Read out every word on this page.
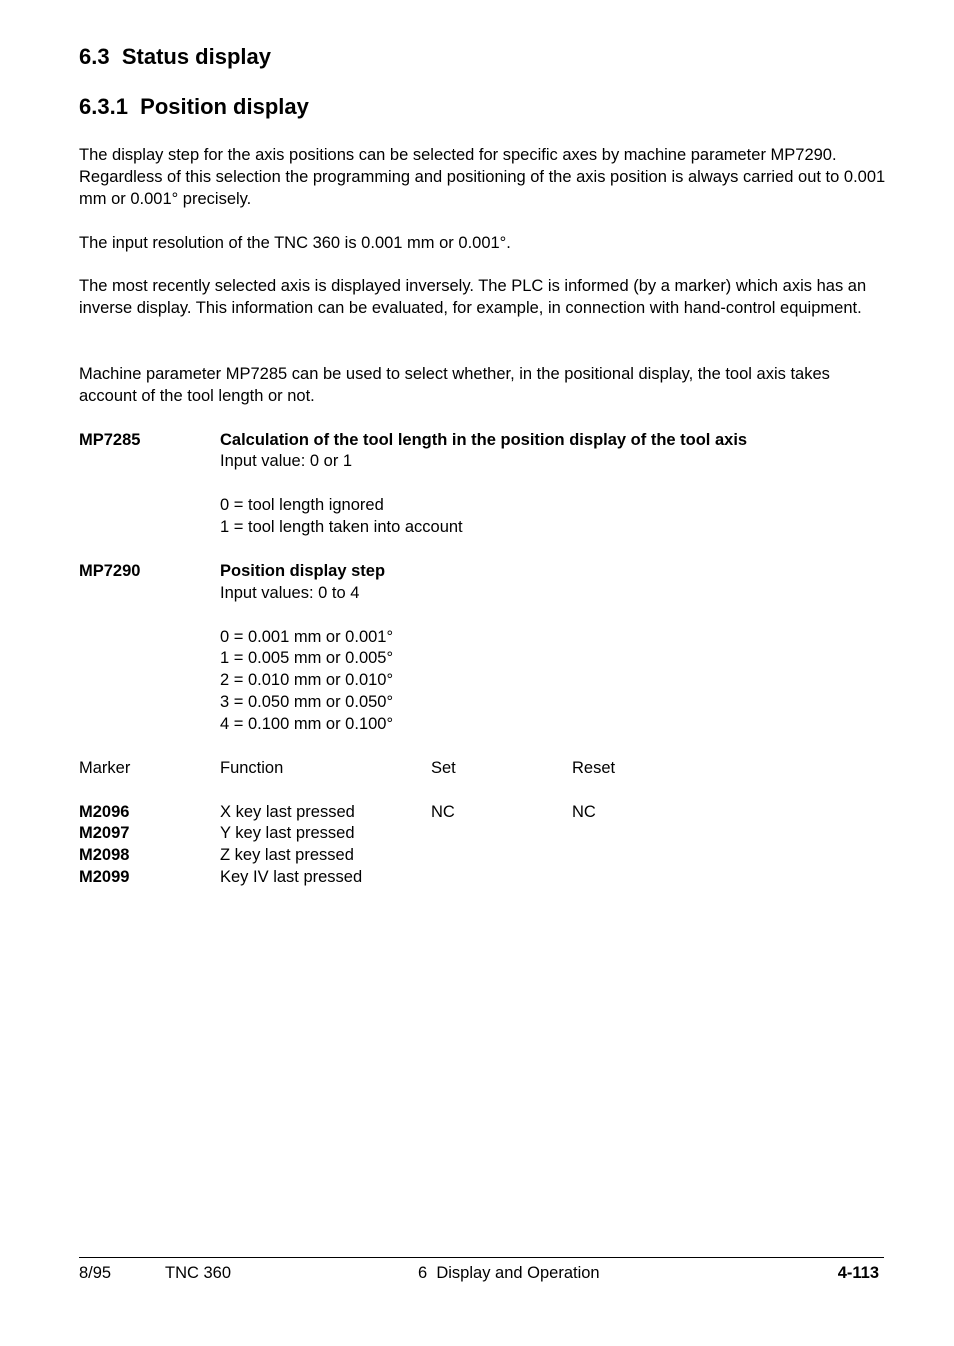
6.3 Status display
6.3.1 Position display
The display step for the axis positions can be selected for specific axes by machine parameter MP7290. Regardless of this selection the programming and positioning of the axis position is always carried out to 0.001 mm or 0.001° precisely.
The input resolution of the TNC 360 is 0.001 mm or 0.001°.
The most recently selected axis is displayed inversely. The PLC is informed (by a marker) which axis has an inverse display. This information can be evaluated, for example, in connection with hand-control equipment.
Machine parameter MP7285 can be used to select whether, in the positional display, the tool axis takes account of the tool length or not.
MP7285	Calculation of the tool length in the position display of the tool axis
Input value: 0 or 1
0 = tool length ignored
1 = tool length taken into account
MP7290	Position display step
Input values: 0 to 4
0 = 0.001 mm or 0.001°
1 = 0.005 mm or 0.005°
2 = 0.010 mm or 0.010°
3 = 0.050 mm or 0.050°
4 = 0.100 mm or 0.100°
Marker	Function	Set	Reset
M2096	X key last pressed	NC	NC
M2097	Y key last pressed
M2098	Z key last pressed
M2099	Key IV last pressed
8/95	TNC 360	6  Display and Operation	4-113
